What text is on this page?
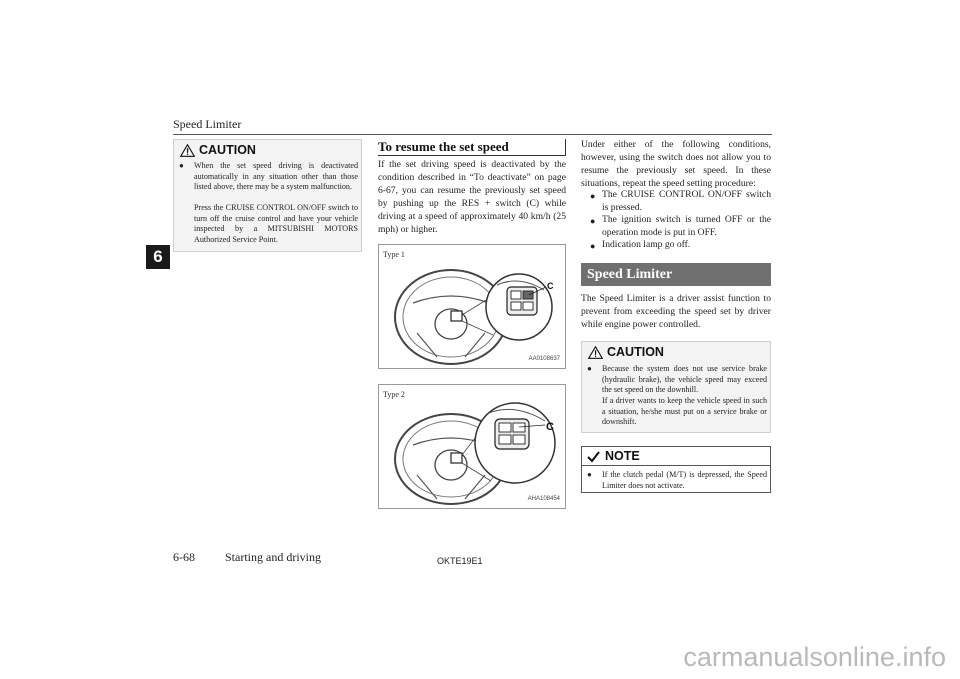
Speed Limiter
6
CAUTION
● When the set speed driving is deactivated automatically in any situation other than those listed above, there may be a system malfunction.
Press the CRUISE CONTROL ON/OFF switch to turn off the cruise control and have your vehicle inspected by a MITSUBISHI MOTORS Authorized Service Point.
To resume the set speed
If the set driving speed is deactivated by the condition described in “To deactivate” on page 6-67, you can resume the previously set speed by pushing up the RES + switch (C) while driving at a speed of approximately 40 km/h (25 mph) or higher.
Type 1
C
AA0108637
Type 2
C
AHA108454
Under either of the following conditions, however, using the switch does not allow you to resume the previously set speed. In these situations, repeat the speed setting procedure:
● The CRUISE CONTROL ON/OFF switch is pressed.
● The ignition switch is turned OFF or the operation mode is put in OFF.
● Indication lamp go off.
Speed Limiter
The Speed Limiter is a driver assist function to prevent from exceeding the speed set by driver while engine power controlled.
CAUTION
● Because the system does not use service brake (hydraulic brake), the vehicle speed may exceed the set speed on the downhill.
If a driver wants to keep the vehicle speed in such a situation, he/she must put on a service brake or downshift.
NOTE
● If the clutch pedal (M/T) is depressed, the Speed Limiter does not activate.
6-68	Starting and driving	OKTE19E1
carmanualsonline.info
